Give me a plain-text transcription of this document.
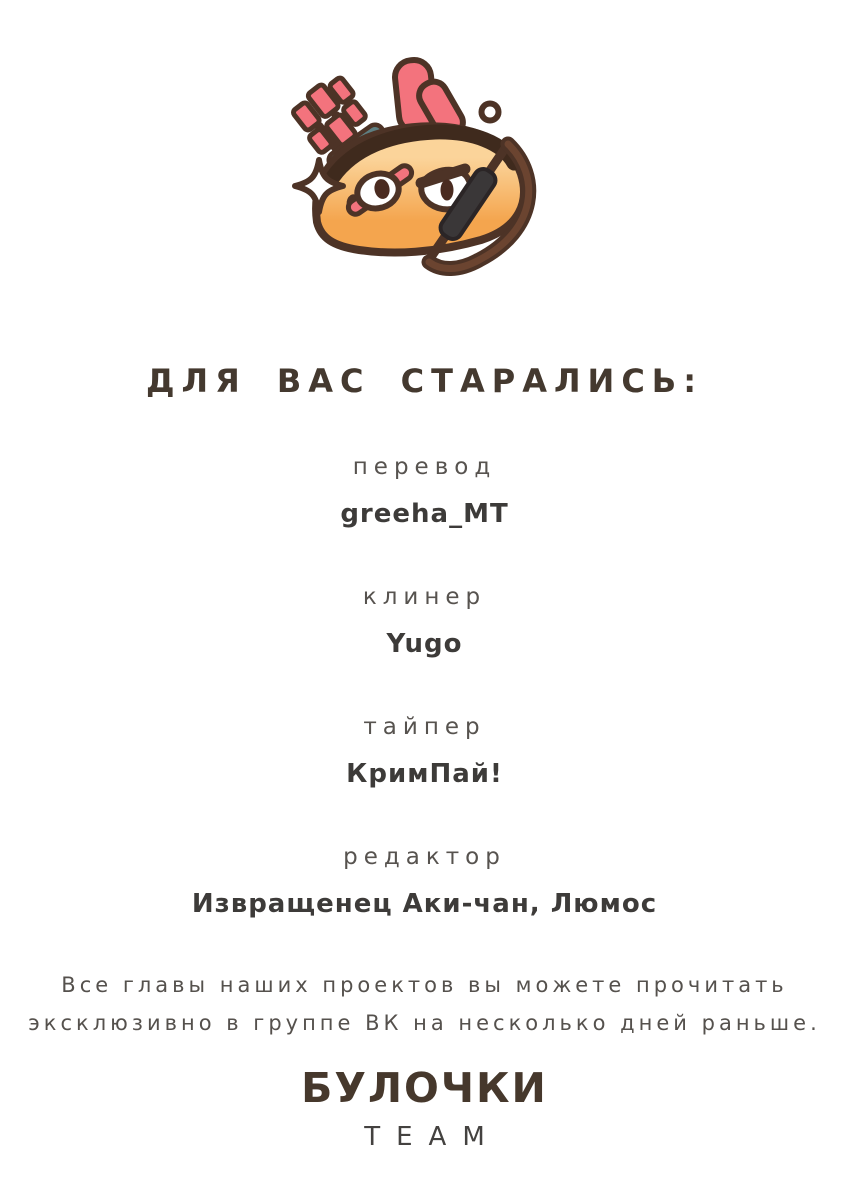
ДЛЯ ВАС СТАРАЛИСЬ:
перевод
greeha_MT
клинер
Yugo
тайпер
КримПай!
редактор
Извращенец Аки-чан, Люмос
Все главы наших проектов вы можете прочитать
эксклюзивно в группе ВК на несколько дней раньше.
БУЛОЧКИ
TEAM
